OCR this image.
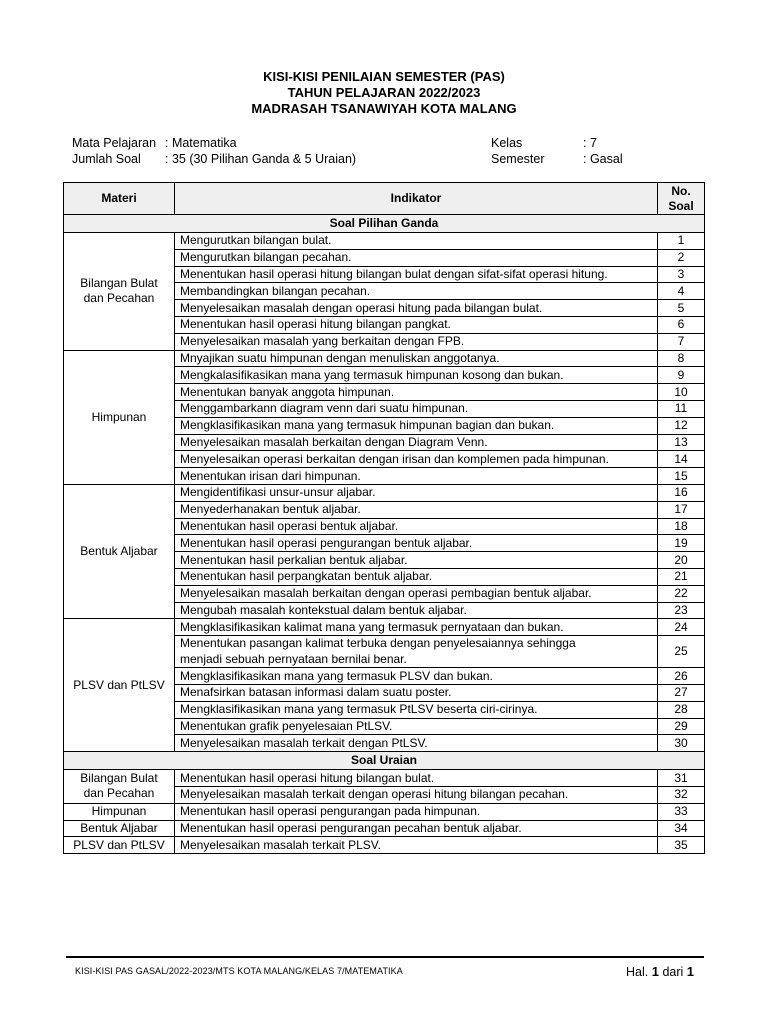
KISI-KISI PENILAIAN SEMESTER (PAS)
TAHUN PELAJARAN 2022/2023
MADRASAH TSANAWIYAH KOTA MALANG
Mata Pelajaran : Matematika
Jumlah Soal	: 35 (30 Pilihan Ganda & 5 Uraian)
Kelas	: 7
Semester	: Gasal
Materi	Indikator	No.
Soal

Soal Pilihan Ganda		

Bilangan Bulat
dan Pecahan	Mengurutkan bilangan bulat.	1

	Mengurutkan bilangan pecahan.	2

	Menentukan hasil operasi hitung bilangan bulat dengan sifat-sifat operasi hitung.	3

	Membandingkan bilangan pecahan.	4

	Menyelesaikan masalah dengan operasi hitung pada bilangan bulat.	5

	Menentukan hasil operasi hitung bilangan pangkat.	6

	Menyelesaikan masalah yang berkaitan dengan FPB.	7

Himpunan	Mnyajikan suatu himpunan dengan menuliskan anggotanya.	8

	Mengkalasifikasikan mana yang termasuk himpunan kosong dan bukan.	9

	Menentukan banyak anggota himpunan.	10

	Menggambarkann diagram venn dari suatu himpunan.	11

	Mengklasifikasikan mana yang termasuk himpunan bagian dan bukan.	12

	Menyelesaikan masalah berkaitan dengan Diagram Venn.	13

	Menyelesaikan operasi berkaitan dengan irisan dan komplemen pada himpunan.	14

	Menentukan irisan dari himpunan.	15

Bentuk Aljabar	Mengidentifikasi unsur-unsur aljabar.	16

	Menyederhanakan bentuk aljabar.	17

	Menentukan hasil operasi bentuk aljabar.	18

	Menentukan hasil operasi pengurangan bentuk aljabar.	19

	Menentukan hasil perkalian bentuk aljabar.	20

	Menentukan hasil perpangkatan bentuk aljabar.	21

	Menyelesaikan masalah berkaitan dengan operasi pembagian bentuk aljabar.	22

	Mengubah masalah kontekstual dalam bentuk aljabar.	23

PLSV dan PtLSV	Mengklasifikasikan kalimat mana yang termasuk pernyataan dan bukan.	24

	Menentukan pasangan kalimat terbuka dengan penyelesaiannya sehingga
menjadi sebuah pernyataan bernilai benar.	25

	Mengklasifikasikan mana yang termasuk PLSV dan bukan.	26

	Menafsirkan batasan informasi dalam suatu poster.	27

	Mengklasifikasikan mana yang termasuk PtLSV beserta ciri-cirinya.	28

	Menentukan grafik penyelesaian PtLSV.	29

	Menyelesaikan masalah terkait dengan PtLSV.	30
Soal Uraian		

Bilangan Bulat
dan Pecahan	Menentukan hasil operasi hitung bilangan bulat.	31

	Menyelesaikan masalah terkait dengan operasi hitung bilangan pecahan.	32

Himpunan	Menentukan hasil operasi pengurangan pada himpunan.	33

Bentuk Aljabar	Menentukan hasil operasi pengurangan pecahan bentuk aljabar.	34

PLSV dan PtLSV	Menyelesaikan masalah terkait PLSV.	35
KISI-KISI PAS GASAL/2022-2023/MTS KOTA MALANG/KELAS 7/MATEMATIKA	Hal. 1 dari 1
